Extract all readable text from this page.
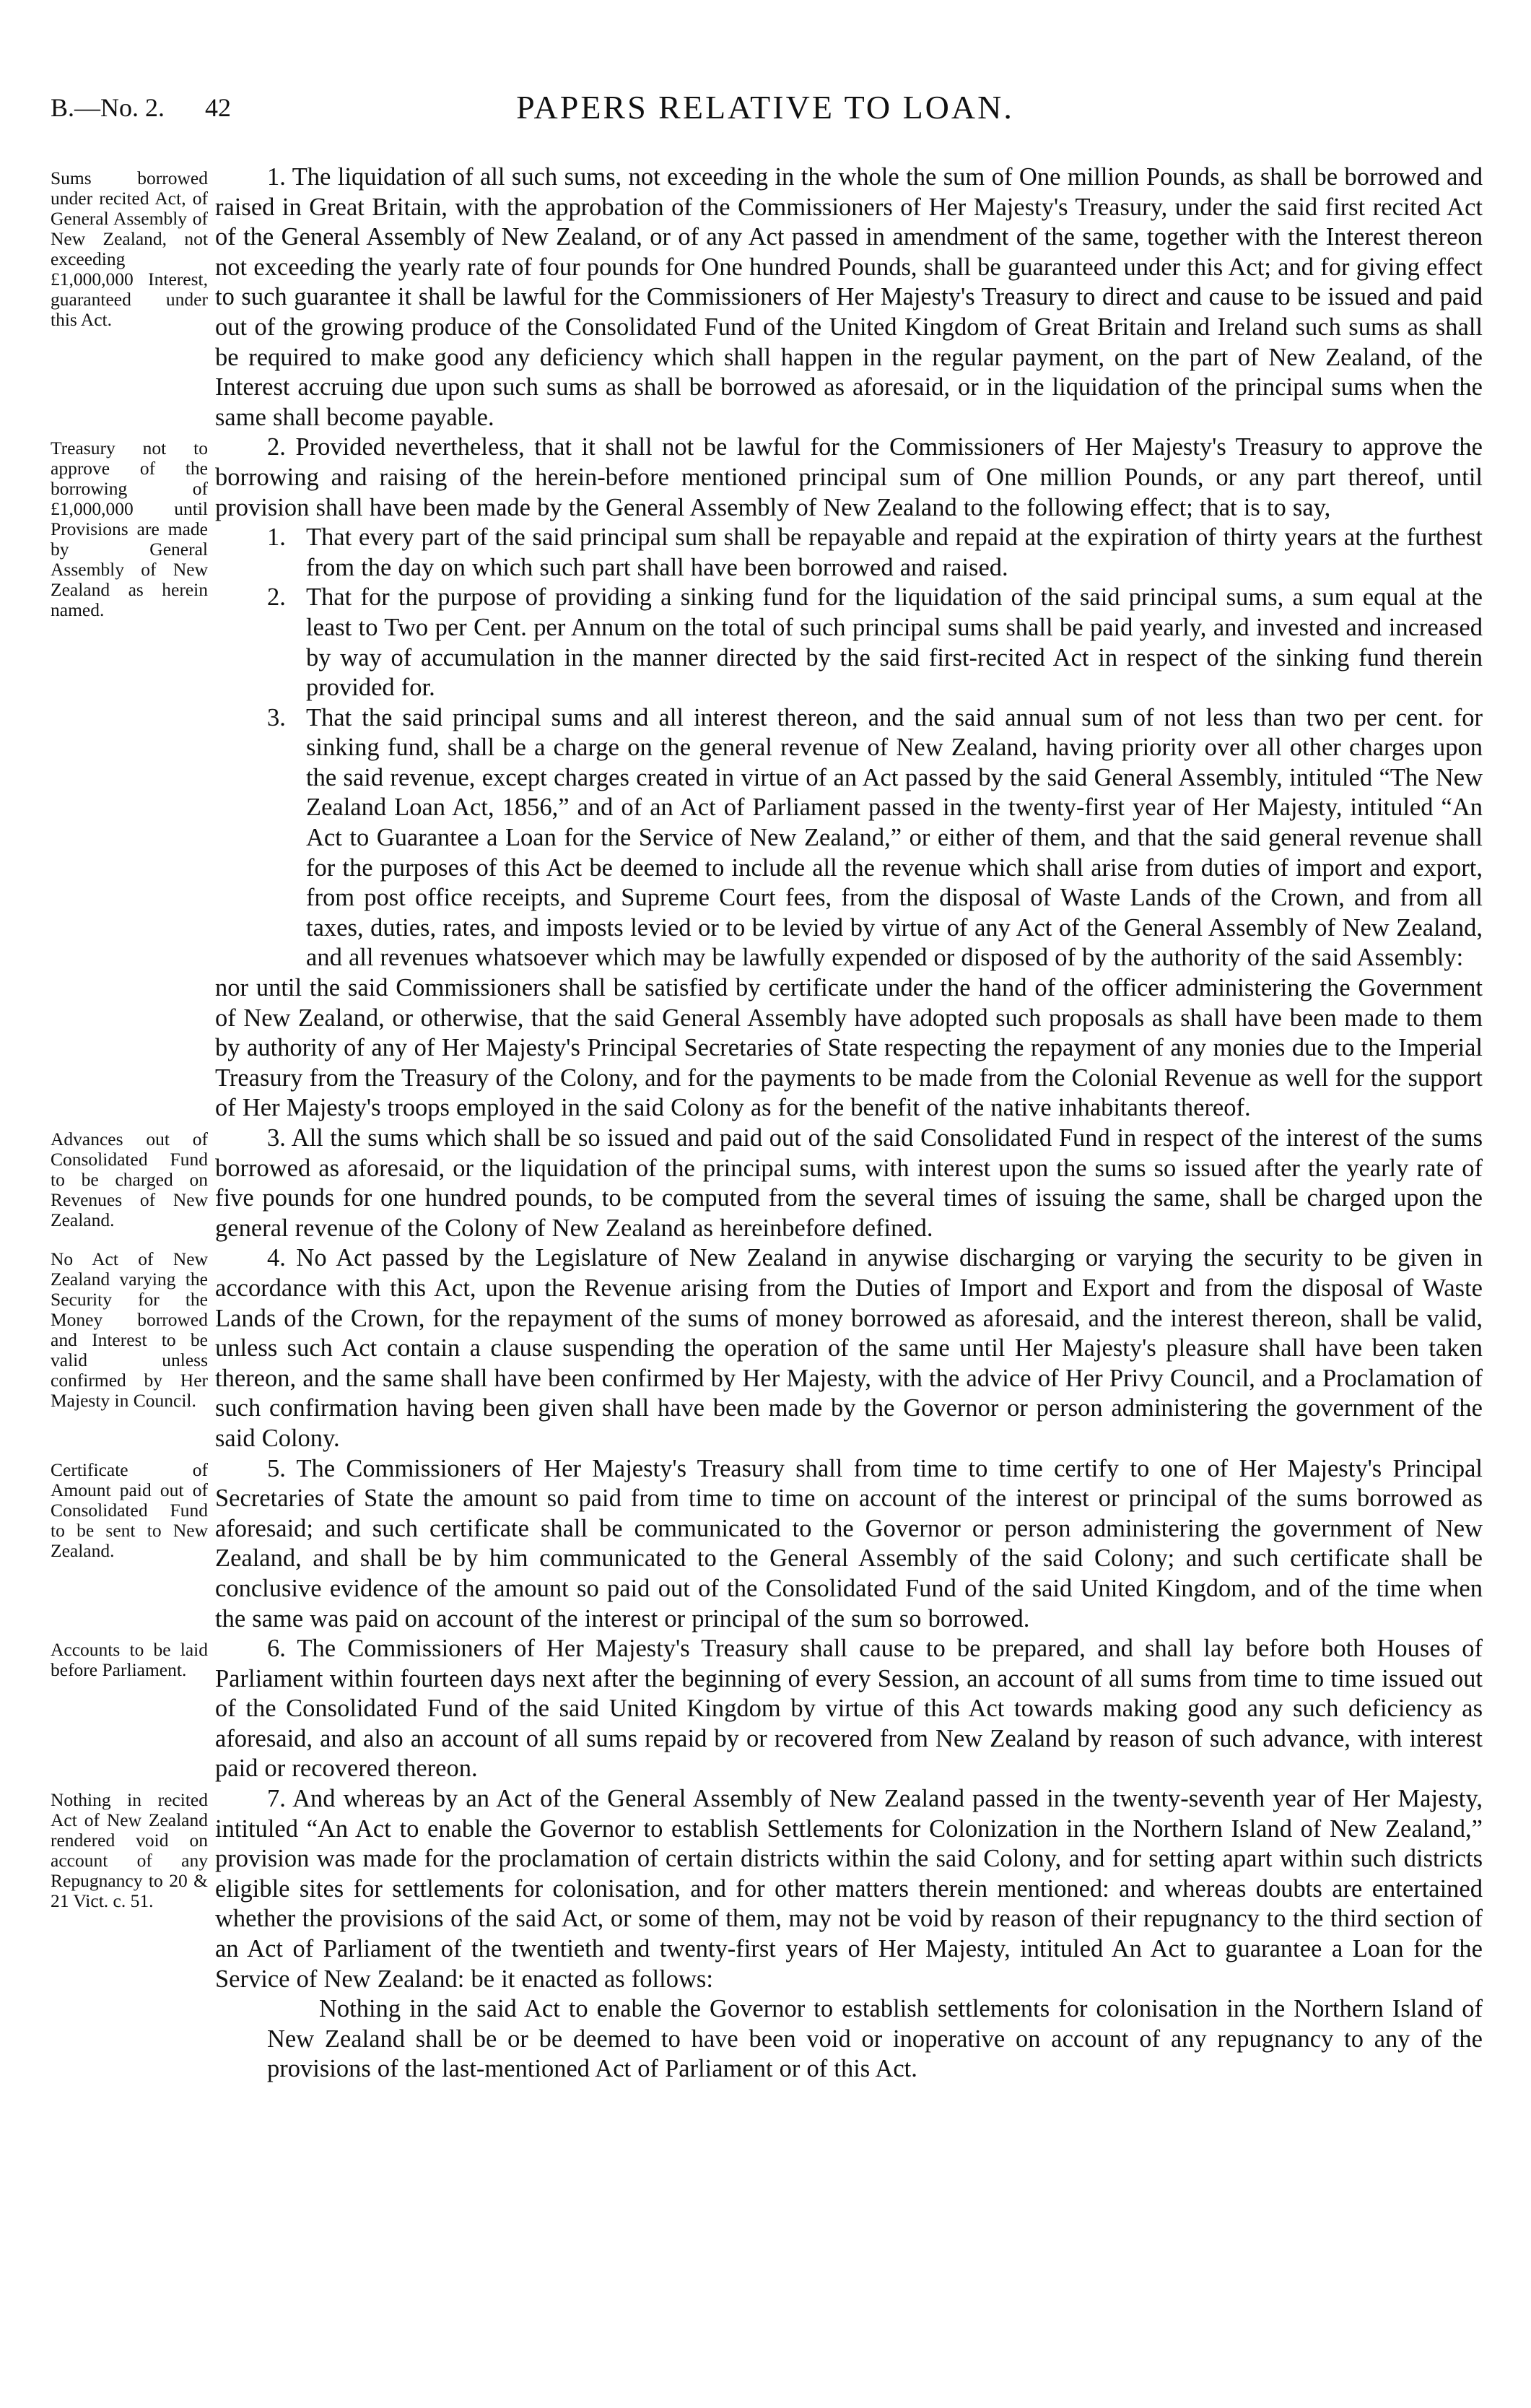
B.—No. 2. 42	PAPERS RELATIVE TO LOAN.
Sums borrowed under recited Act, of General Assembly of New Zealand, not exceeding £1,000,000 Interest, guaranteed under this Act.

1. The liquidation of all such sums, not exceeding in the whole the sum of One million Pounds, as shall be borrowed and raised in Great Britain, with the approbation of the Commissioners of Her Majesty's Treasury, under the said first recited Act of the General Assembly of New Zealand, or of any Act passed in amendment of the same, together with the Interest thereon not exceeding the yearly rate of four pounds for One hundred Pounds, shall be guaranteed under this Act; and for giving effect to such guarantee it shall be lawful for the Commissioners of Her Majesty's Treasury to direct and cause to be issued and paid out of the growing produce of the Consolidated Fund of the United Kingdom of Great Britain and Ireland such sums as shall be required to make good any deficiency which shall happen in the regular payment, on the part of New Zealand, of the Interest accruing due upon such sums as shall be borrowed as aforesaid, or in the liquidation of the principal sums when the same shall become payable.

Treasury not to approve of the borrowing of £1,000,000 until Provisions are made by General Assembly of New Zealand as herein named.

2. Provided nevertheless, that it shall not be lawful for the Commissioners of Her Majesty's Treasury to approve the borrowing and raising of the herein-before mentioned principal sum of One million Pounds, or any part thereof, until provision shall have been made by the General Assembly of New Zealand to the following effect; that is to say,

1. That every part of the said principal sum shall be repayable and repaid at the expiration of thirty years at the furthest from the day on which such part shall have been borrowed and raised.
2. That for the purpose of providing a sinking fund for the liquidation of the said principal sums, a sum equal at the least to Two per Cent. per Annum on the total of such principal sums shall be paid yearly, and invested and increased by way of accumulation in the manner directed by the said first-recited Act in respect of the sinking fund therein provided for.
3. That the said principal sums and all interest thereon, and the said annual sum of not less than two per cent. for sinking fund, shall be a charge on the general revenue of New Zealand, having priority over all other charges upon the said revenue, except charges created in virtue of an Act passed by the said General Assembly, intituled “The New Zealand Loan Act, 1856,” and of an Act of Parliament passed in the twenty-first year of Her Majesty, intituled “An Act to Guarantee a Loan for the Service of New Zealand,” or either of them, and that the said general revenue shall for the purposes of this Act be deemed to include all the revenue which shall arise from duties of import and export, from post office receipts, and Supreme Court fees, from the disposal of Waste Lands of the Crown, and from all taxes, duties, rates, and imposts levied or to be levied by virtue of any Act of the General Assembly of New Zealand, and all revenues whatsoever which may be lawfully expended or disposed of by the authority of the said Assembly:

nor until the said Commissioners shall be satisfied by certificate under the hand of the officer administering the Government of New Zealand, or otherwise, that the said General Assembly have adopted such proposals as shall have been made to them by authority of any of Her Majesty's Principal Secretaries of State respecting the repayment of any monies due to the Imperial Treasury from the Treasury of the Colony, and for the payments to be made from the Colonial Revenue as well for the support of Her Majesty's troops employed in the said Colony as for the benefit of the native inhabitants thereof.

Advances out of Consolidated Fund to be charged on Revenues of New Zealand.

3. All the sums which shall be so issued and paid out of the said Consolidated Fund in respect of the interest of the sums borrowed as aforesaid, or the liquidation of the principal sums, with interest upon the sums so issued after the yearly rate of five pounds for one hundred pounds, to be computed from the several times of issuing the same, shall be charged upon the general revenue of the Colony of New Zealand as hereinbefore defined.

No Act of New Zealand varying the Security for the Money borrowed and Interest to be valid unless confirmed by Her Majesty in Council.

4. No Act passed by the Legislature of New Zealand in anywise discharging or varying the security to be given in accordance with this Act, upon the Revenue arising from the Duties of Import and Export and from the disposal of Waste Lands of the Crown, for the repayment of the sums of money borrowed as aforesaid, and the interest thereon, shall be valid, unless such Act contain a clause suspending the operation of the same until Her Majesty's pleasure shall have been taken thereon, and the same shall have been confirmed by Her Majesty, with the advice of Her Privy Council, and a Proclamation of such confirmation having been given shall have been made by the Governor or person administering the government of the said Colony.

Certificate of Amount paid out of Consolidated Fund to be sent to New Zealand.

5. The Commissioners of Her Majesty's Treasury shall from time to time certify to one of Her Majesty's Principal Secretaries of State the amount so paid from time to time on account of the interest or principal of the sums borrowed as aforesaid; and such certificate shall be communicated to the Governor or person administering the government of New Zealand, and shall be by him communicated to the General Assembly of the said Colony; and such certificate shall be conclusive evidence of the amount so paid out of the Consolidated Fund of the said United Kingdom, and of the time when the same was paid on account of the interest or principal of the sum so borrowed.

Accounts to be laid before Parliament.

6. The Commissioners of Her Majesty's Treasury shall cause to be prepared, and shall lay before both Houses of Parliament within fourteen days next after the beginning of every Session, an account of all sums from time to time issued out of the Consolidated Fund of the said United Kingdom by virtue of this Act towards making good any such deficiency as aforesaid, and also an account of all sums repaid by or recovered from New Zealand by reason of such advance, with interest paid or recovered thereon.

Nothing in recited Act of New Zealand rendered void on account of any Repugnancy to 20 & 21 Vict. c. 51.

7. And whereas by an Act of the General Assembly of New Zealand passed in the twenty-seventh year of Her Majesty, intituled “An Act to enable the Governor to establish Settlements for Colonization in the Northern Island of New Zealand,” provision was made for the proclamation of certain districts within the said Colony, and for setting apart within such districts eligible sites for settlements for colonisation, and for other matters therein mentioned: and whereas doubts are entertained whether the provisions of the said Act, or some of them, may not be void by reason of their repugnancy to the third section of an Act of Parliament of the twentieth and twenty-first years of Her Majesty, intituled An Act to guarantee a Loan for the Service of New Zealand: be it enacted as follows:

Nothing in the said Act to enable the Governor to establish settlements for colonisation in the Northern Island of New Zealand shall be or be deemed to have been void or inoperative on account of any repugnancy to any of the provisions of the last-mentioned Act of Parliament or of this Act.
